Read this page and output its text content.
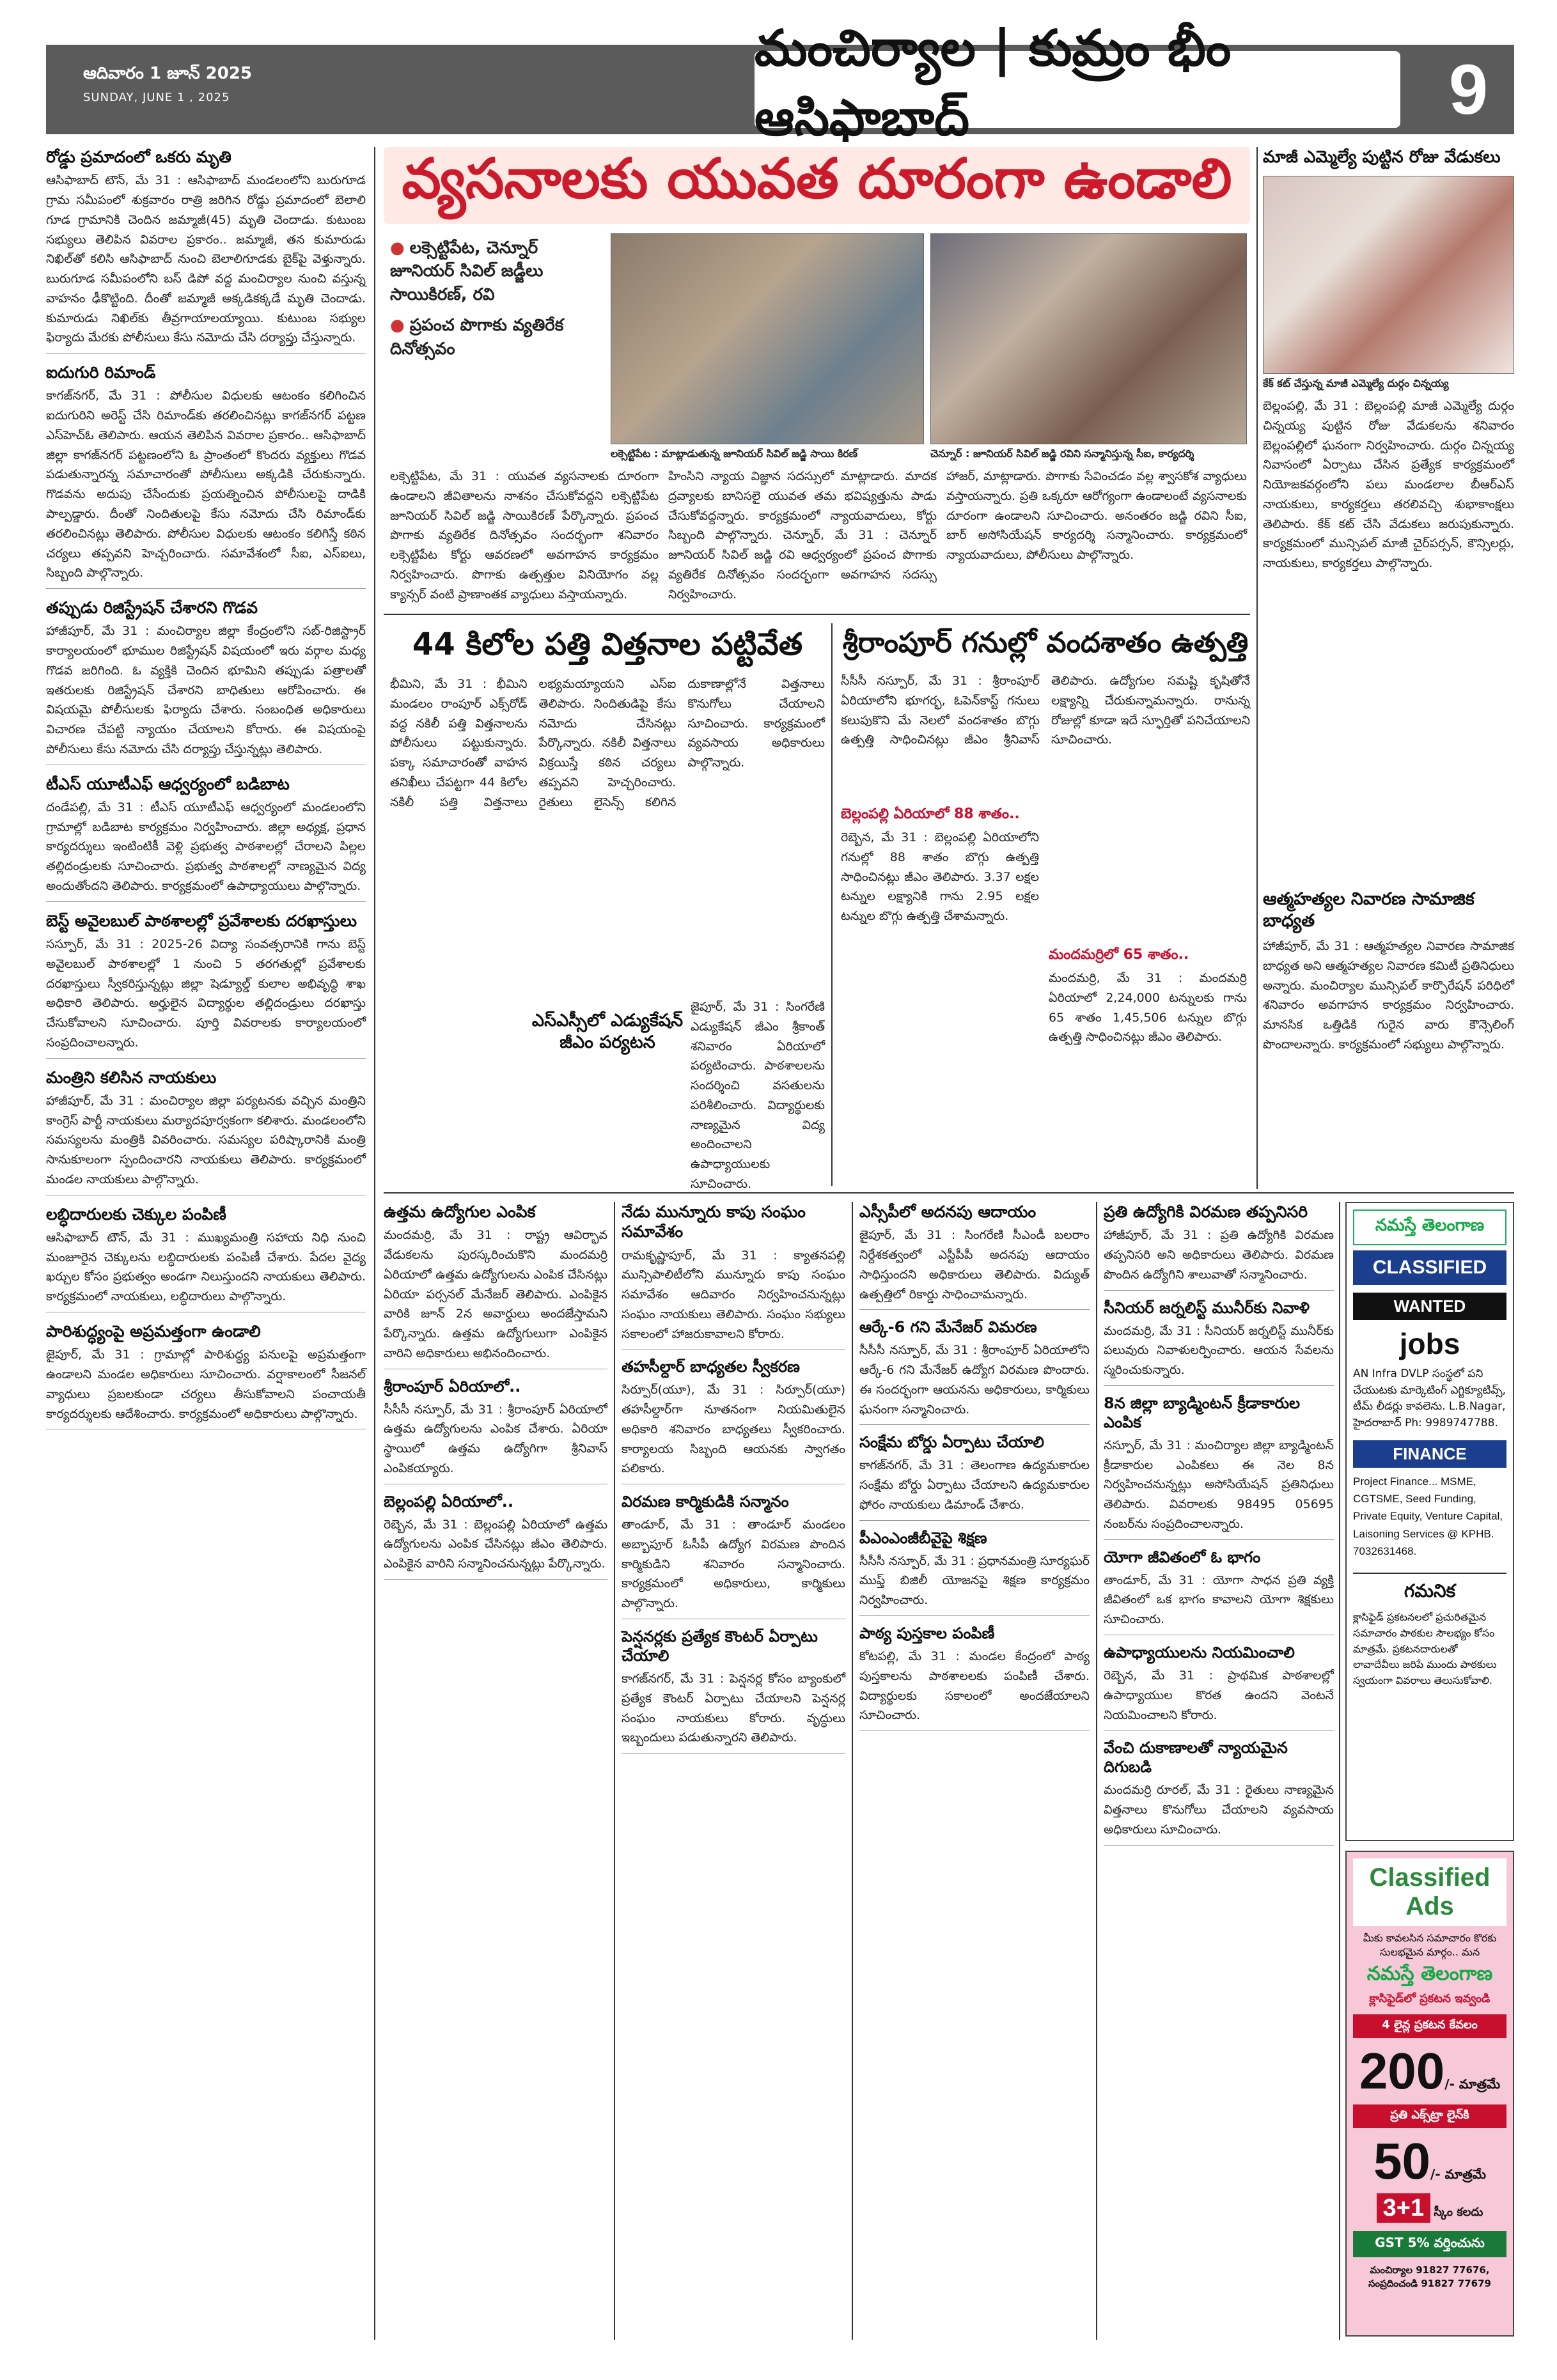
ఆదివారం 1 జూన్ 2025
SUNDAY, JUNE 1 , 2025
మంచిర్యాల | కుమ్రం భీం ఆసిఫాబాద్	9
రోడ్డు ప్రమాదంలో ఒకరు మృతి
ఆసిఫాబాద్ టౌన్, మే 31 : ఆసిఫాబాద్ మండలంలోని బురుగూడ గ్రామ సమీపంలో శుక్రవారం రాత్రి జరిగిన రోడ్డు ప్రమాదంలో బెలాలి గూడ గ్రామానికి చెందిన జమ్మాజీ(45) మృతి చెందాడు. కుటుంబ సభ్యులు తెలిపిన వివరాల ప్రకారం.. జమ్మాజీ, తన కుమారుడు నిఖిల్‌తో కలిసి ఆసిఫాబాద్ నుంచి బెలాలిగూడకు బైక్‌పై వెళ్తున్నారు. బురుగూడ సమీపంలోని బస్ డిపో వద్ద మంచిర్యాల నుంచి వస్తున్న వాహనం ఢీకొట్టింది. దీంతో జమ్మాజీ అక్కడికక్కడే మృతి చెందాడు. కుమారుడు నిఖిల్‌కు తీవ్రగాయాలయ్యాయి. కుటుంబ సభ్యుల ఫిర్యాదు మేరకు పోలీసులు కేసు నమోదు చేసి దర్యాప్తు చేస్తున్నారు.
ఐదుగురి రిమాండ్
కాగజ్‌నగర్, మే 31 : పోలీసుల విధులకు ఆటంకం కలిగించిన ఐదుగురిని అరెస్ట్ చేసి రిమాండ్‌కు తరలించినట్లు కాగజ్‌నగర్ పట్టణ ఎస్‌హెచ్‌ఓ తెలిపారు. ఆయన తెలిపిన వివరాల ప్రకారం.. ఆసిఫాబాద్ జిల్లా కాగజ్‌నగర్ పట్టణంలోని ఓ ప్రాంతంలో కొందరు వ్యక్తులు గొడవ పడుతున్నారన్న సమాచారంతో పోలీసులు అక్కడికి చేరుకున్నారు. గొడవను అదుపు చేసేందుకు ప్రయత్నించిన పోలీసులపై దాడికి పాల్పడ్డారు. దీంతో నిందితులపై కేసు నమోదు చేసి రిమాండ్‌కు తరలించినట్లు తెలిపారు. పోలీసుల విధులకు ఆటంకం కలిగిస్తే కఠిన చర్యలు తప్పవని హెచ్చరించారు. సమావేశంలో సీఐ, ఎస్‌ఐలు, సిబ్బంది పాల్గొన్నారు.
తప్పుడు రిజిస్ట్రేషన్ చేశారని గొడవ
హాజీపూర్, మే 31 : మంచిర్యాల జిల్లా కేంద్రంలోని సబ్-రిజిస్ట్రార్ కార్యాలయంలో భూముల రిజిస్ట్రేషన్ విషయంలో ఇరు వర్గాల మధ్య గొడవ జరిగింది. ఓ వ్యక్తికి చెందిన భూమిని తప్పుడు పత్రాలతో ఇతరులకు రిజిస్ట్రేషన్ చేశారని బాధితులు ఆరోపించారు. ఈ విషయమై పోలీసులకు ఫిర్యాదు చేశారు. సంబంధిత అధికారులు విచారణ చేపట్టి న్యాయం చేయాలని కోరారు. ఈ విషయంపై పోలీసులు కేసు నమోదు చేసి దర్యాప్తు చేస్తున్నట్లు తెలిపారు.
టీఎస్ యూటీఎఫ్ ఆధ్వర్యంలో బడిబాట
దండేపల్లి, మే 31 : టీఎస్ యూటీఎఫ్ ఆధ్వర్యంలో మండలంలోని గ్రామాల్లో బడిబాట కార్యక్రమం నిర్వహించారు. జిల్లా అధ్యక్ష, ప్రధాన కార్యదర్శులు ఇంటింటికీ వెళ్లి ప్రభుత్వ పాఠశాలల్లో చేరాలని పిల్లల తల్లిదండ్రులకు సూచించారు. ప్రభుత్వ పాఠశాలల్లో నాణ్యమైన విద్య అందుతోందని తెలిపారు. కార్యక్రమంలో ఉపాధ్యాయులు పాల్గొన్నారు.
బెస్ట్ అవైలబుల్ పాఠశాలల్లో ప్రవేశాలకు దరఖాస్తులు
సస్పూర్, మే 31 : 2025-26 విద్యా సంవత్సరానికి గాను బెస్ట్ అవైలబుల్ పాఠశాలల్లో 1 నుంచి 5 తరగతుల్లో ప్రవేశాలకు దరఖాస్తులు స్వీకరిస్తున్నట్లు జిల్లా షెడ్యూల్డ్ కులాల అభివృద్ధి శాఖ అధికారి తెలిపారు. అర్హులైన విద్యార్థుల తల్లిదండ్రులు దరఖాస్తు చేసుకోవాలని సూచించారు. పూర్తి వివరాలకు కార్యాలయంలో సంప్రదించాలన్నారు.
మంత్రిని కలిసిన నాయకులు
హాజీపూర్, మే 31 : మంచిర్యాల జిల్లా పర్యటనకు వచ్చిన మంత్రిని కాంగ్రెస్ పార్టీ నాయకులు మర్యాదపూర్వకంగా కలిశారు. మండలంలోని సమస్యలను మంత్రికి వివరించారు. సమస్యల పరిష్కారానికి మంత్రి సానుకూలంగా స్పందించారని నాయకులు తెలిపారు. కార్యక్రమంలో మండల నాయకులు పాల్గొన్నారు.
లబ్ధిదారులకు చెక్కుల పంపిణీ
ఆసిఫాబాద్ టౌన్, మే 31 : ముఖ్యమంత్రి సహాయ నిధి నుంచి మంజూరైన చెక్కులను లబ్ధిదారులకు పంపిణీ చేశారు. పేదల వైద్య ఖర్చుల కోసం ప్రభుత్వం అండగా నిలుస్తుందని నాయకులు తెలిపారు. కార్యక్రమంలో నాయకులు, లబ్ధిదారులు పాల్గొన్నారు.
పారిశుద్ధ్యంపై అప్రమత్తంగా ఉండాలి
జైపూర్, మే 31 : గ్రామాల్లో పారిశుద్ధ్య పనులపై అప్రమత్తంగా ఉండాలని మండల అధికారులు సూచించారు. వర్షాకాలంలో సీజనల్ వ్యాధులు ప్రబలకుండా చర్యలు తీసుకోవాలని పంచాయతీ కార్యదర్శులకు ఆదేశించారు. కార్యక్రమంలో అధికారులు పాల్గొన్నారు.
వ్యసనాలకు యువత దూరంగా ఉండాలి
● లక్సెట్టిపేట, చెన్నూర్ జూనియర్ సివిల్ జడ్జీలు సాయికిరణ్, రవి
● ప్రపంచ పొగాకు వ్యతిరేక దినోత్సవం
లక్సెట్టిపేట : మాట్లాడుతున్న జూనియర్ సివిల్ జడ్జి సాయి కిరణ్	చెన్నూర్ : జూనియర్ సివిల్ జడ్జి రవిని సన్మానిస్తున్న సీఐ, కార్యదర్శి
లక్సెట్టిపేట, మే 31 : యువత వ్యసనాలకు దూరంగా ఉండాలని జీవితాలను నాశనం చేసుకోవద్దని లక్సెట్టిపేట జూనియర్ సివిల్ జడ్జి సాయికిరణ్ పేర్కొన్నారు. ప్రపంచ పొగాకు వ్యతిరేక దినోత్సవం సందర్భంగా శనివారం లక్సెట్టిపేట కోర్టు ఆవరణలో అవగాహన కార్యక్రమం నిర్వహించారు. పొగాకు ఉత్పత్తుల వినియోగం వల్ల క్యాన్సర్ వంటి ప్రాణాంతక వ్యాధులు వస్తాయన్నారు.
హింసిని న్యాయ విజ్ఞాన సదస్సులో మాట్లాడారు. మాదక ద్రవ్యాలకు బానిసలై యువత తమ భవిష్యత్తును పాడు చేసుకోవద్దన్నారు. కార్యక్రమంలో న్యాయవాదులు, కోర్టు సిబ్బంది పాల్గొన్నారు. చెన్నూర్, మే 31 : చెన్నూర్ జూనియర్ సివిల్ జడ్జి రవి ఆధ్వర్యంలో ప్రపంచ పొగాకు వ్యతిరేక దినోత్సవం సందర్భంగా అవగాహన సదస్సు నిర్వహించారు.
హాజర్, మాట్లాడారు. పొగాకు సేవించడం వల్ల శ్వాసకోశ వ్యాధులు వస్తాయన్నారు. ప్రతి ఒక్కరూ ఆరోగ్యంగా ఉండాలంటే వ్యసనాలకు దూరంగా ఉండాలని సూచించారు. అనంతరం జడ్జి రవిని సీఐ, బార్ అసోసియేషన్ కార్యదర్శి సన్మానించారు. కార్యక్రమంలో న్యాయవాదులు, పోలీసులు పాల్గొన్నారు.
44 కిలోల పత్తి విత్తనాల పట్టివేత
భీమిని, మే 31 : భీమిని మండలం రాంపూర్ ఎక్స్‌రోడ్ వద్ద నకిలీ పత్తి విత్తనాలను పోలీసులు పట్టుకున్నారు. పక్కా సమాచారంతో వాహన తనిఖీలు చేపట్టగా 44 కిలోల నకిలీ పత్తి విత్తనాలు లభ్యమయ్యాయని ఎస్‌ఐ తెలిపారు. నిందితుడిపై కేసు నమోదు చేసినట్లు పేర్కొన్నారు. నకిలీ విత్తనాలు విక్రయిస్తే కఠిన చర్యలు తప్పవని హెచ్చరించారు. రైతులు లైసెన్స్ కలిగిన దుకాణాల్లోనే విత్తనాలు కొనుగోలు చేయాలని సూచించారు. కార్యక్రమంలో వ్యవసాయ అధికారులు పాల్గొన్నారు.
ఎస్ఎస్సీలో ఎడ్యుకేషన్ జీఎం పర్యటన
జైపూర్, మే 31 : సింగరేణి ఎడ్యుకేషన్ జీఎం శ్రీకాంత్ శనివారం ఏరియాలో పర్యటించారు. పాఠశాలలను సందర్శించి వసతులను పరిశీలించారు. విద్యార్థులకు నాణ్యమైన విద్య అందించాలని ఉపాధ్యాయులకు సూచించారు.
శ్రీరాంపూర్ గనుల్లో వందశాతం ఉత్పత్తి
సీసీసీ నస్పూర్, మే 31 : శ్రీరాంపూర్ ఏరియాలోని భూగర్భ, ఓపెన్‌కాస్ట్ గనులు కలుపుకొని మే నెలలో వందశాతం బొగ్గు ఉత్పత్తి సాధించినట్లు జీఎం శ్రీనివాస్ తెలిపారు. ఉద్యోగుల సమష్టి కృషితోనే లక్ష్యాన్ని చేరుకున్నామన్నారు. రానున్న రోజుల్లో కూడా ఇదే స్ఫూర్తితో పనిచేయాలని సూచించారు.
బెల్లంపల్లి ఏరియాలో 88 శాతం..
రెబ్బెన, మే 31 : బెల్లంపల్లి ఏరియాలోని గనుల్లో 88 శాతం బొగ్గు ఉత్పత్తి సాధించినట్లు జీఎం తెలిపారు. 3.37 లక్షల టన్నుల లక్ష్యానికి గాను 2.95 లక్షల టన్నుల బొగ్గు ఉత్పత్తి చేశామన్నారు.
మందమర్రిలో 65 శాతం..
మందమర్రి, మే 31 : మందమర్రి ఏరియాలో 2,24,000 టన్నులకు గాను 65 శాతం 1,45,506 టన్నుల బొగ్గు ఉత్పత్తి సాధించినట్లు జీఎం తెలిపారు.
మాజీ ఎమ్మెల్యే పుట్టిన రోజు వేడుకలు
కేక్ కట్ చేస్తున్న మాజీ ఎమ్మెల్యే దుర్గం చిన్నయ్య
బెల్లంపల్లి, మే 31 : బెల్లంపల్లి మాజీ ఎమ్మెల్యే దుర్గం చిన్నయ్య పుట్టిన రోజు వేడుకలను శనివారం బెల్లంపల్లిలో ఘనంగా నిర్వహించారు. దుర్గం చిన్నయ్య నివాసంలో ఏర్పాటు చేసిన ప్రత్యేక కార్యక్రమంలో నియోజకవర్గంలోని పలు మండలాల బీఆర్ఎస్ నాయకులు, కార్యకర్తలు తరలివచ్చి శుభాకాంక్షలు తెలిపారు. కేక్ కట్ చేసి వేడుకలు జరుపుకున్నారు. కార్యక్రమంలో మున్సిపల్ మాజీ చైర్‌పర్సన్, కౌన్సిలర్లు, నాయకులు, కార్యకర్తలు పాల్గొన్నారు.
ఆత్మహత్యల నివారణ సామాజిక బాధ్యత
హాజీపూర్, మే 31 : ఆత్మహత్యల నివారణ సామాజిక బాధ్యత అని ఆత్మహత్యల నివారణ కమిటీ ప్రతినిధులు అన్నారు. మంచిర్యాల మున్సిపల్ కార్పొరేషన్ పరిధిలో శనివారం అవగాహన కార్యక్రమం నిర్వహించారు. మానసిక ఒత్తిడికి గురైన వారు కౌన్సెలింగ్ పొందాలన్నారు. కార్యక్రమంలో సభ్యులు పాల్గొన్నారు.
ఉత్తమ ఉద్యోగుల ఎంపిక
మందమర్రి, మే 31 : రాష్ట్ర ఆవిర్భావ వేడుకలను పురస్కరించుకొని మందమర్రి ఏరియాలో ఉత్తమ ఉద్యోగులను ఎంపిక చేసినట్లు ఏరియా పర్సనల్ మేనేజర్ తెలిపారు. ఎంపికైన వారికి జూన్ 2న అవార్డులు అందజేస్తామని పేర్కొన్నారు. ఉత్తమ ఉద్యోగులుగా ఎంపికైన వారిని అధికారులు అభినందించారు.
శ్రీరాంపూర్ ఏరియాలో..
సీసీసీ నస్పూర్, మే 31 : శ్రీరాంపూర్ ఏరియాలో ఉత్తమ ఉద్యోగులను ఎంపిక చేశారు. ఏరియా స్థాయిలో ఉత్తమ ఉద్యోగిగా శ్రీనివాస్ ఎంపికయ్యారు.
బెల్లంపల్లి ఏరియాలో..
రెబ్బెన, మే 31 : బెల్లంపల్లి ఏరియాలో ఉత్తమ ఉద్యోగులను ఎంపిక చేసినట్లు జీఎం తెలిపారు. ఎంపికైన వారిని సన్మానించనున్నట్లు పేర్కొన్నారు.
నేడు మున్నూరు కాపు సంఘం సమావేశం
రామకృష్ణాపూర్, మే 31 : క్యాతనపల్లి మున్సిపాలిటీలోని మున్నూరు కాపు సంఘం సమావేశం ఆదివారం నిర్వహించనున్నట్లు సంఘం నాయకులు తెలిపారు. సంఘం సభ్యులు సకాలంలో హాజరుకావాలని కోరారు.
తహసీల్దార్ బాధ్యతల స్వీకరణ
సిర్పూర్(యూ), మే 31 : సిర్పూర్(యూ) తహసీల్దార్‌గా నూతనంగా నియమితులైన అధికారి శనివారం బాధ్యతలు స్వీకరించారు. కార్యాలయ సిబ్బంది ఆయనకు స్వాగతం పలికారు.
విరమణ కార్మికుడికి సన్మానం
తాండూర్, మే 31 : తాండూర్ మండలం అబ్బాపూర్ ఓసీపీ ఉద్యోగ విరమణ పొందిన కార్మికుడిని శనివారం సన్మానించారు. కార్యక్రమంలో అధికారులు, కార్మికులు పాల్గొన్నారు.
పెన్షనర్లకు ప్రత్యేక కౌంటర్ ఏర్పాటు చేయాలి
కాగజ్‌నగర్, మే 31 : పెన్షనర్ల కోసం బ్యాంకులో ప్రత్యేక కౌంటర్ ఏర్పాటు చేయాలని పెన్షనర్ల సంఘం నాయకులు కోరారు. వృద్ధులు ఇబ్బందులు పడుతున్నారని తెలిపారు.
ఎస్సీపీలో అదనపు ఆదాయం
జైపూర్, మే 31 : సింగరేణి సీఎండీ బలరాం నిర్దేశకత్వంలో ఎస్టీపీపీ అదనపు ఆదాయం సాధిస్తుందని అధికారులు తెలిపారు. విద్యుత్ ఉత్పత్తిలో రికార్డు సాధించామన్నారు.
ఆర్కే-6 గని మేనేజర్ విమరణ
సీసీసీ నస్పూర్, మే 31 : శ్రీరాంపూర్ ఏరియాలోని ఆర్కే-6 గని మేనేజర్ ఉద్యోగ విరమణ పొందారు. ఈ సందర్భంగా ఆయనను అధికారులు, కార్మికులు ఘనంగా సన్మానించారు.
సంక్షేమ బోర్డు ఏర్పాటు చేయాలి
కాగజ్‌నగర్, మే 31 : తెలంగాణ ఉద్యమకారుల సంక్షేమ బోర్డు ఏర్పాటు చేయాలని ఉద్యమకారుల ఫోరం నాయకులు డిమాండ్ చేశారు.
పీఎంఎంజీబీవైపై శిక్షణ
సీసీసీ నస్పూర్, మే 31 : ప్రధానమంత్రి సూర్యఘర్ ముఫ్త్ బిజిలీ యోజనపై శిక్షణ కార్యక్రమం నిర్వహించారు.
పాఠ్య పుస్తకాల పంపిణీ
కోటపల్లి, మే 31 : మండల కేంద్రంలో పాఠ్య పుస్తకాలను పాఠశాలలకు పంపిణీ చేశారు. విద్యార్థులకు సకాలంలో అందజేయాలని సూచించారు.
ప్రతి ఉద్యోగికి విరమణ తప్పనిసరి
హాజీపూర్, మే 31 : ప్రతి ఉద్యోగికి విరమణ తప్పనిసరి అని అధికారులు తెలిపారు. విరమణ పొందిన ఉద్యోగిని శాలువాతో సన్మానించారు.
సీనియర్ జర్నలిస్ట్ మునీర్‌కు నివాళి
మందమర్రి, మే 31 : సీనియర్ జర్నలిస్ట్ మునీర్‌కు పలువురు నివాళులర్పించారు. ఆయన సేవలను స్మరించుకున్నారు.
8న జిల్లా బ్యాడ్మింటన్ క్రీడాకారుల ఎంపిక
నస్పూర్, మే 31 : మంచిర్యాల జిల్లా బ్యాడ్మింటన్ క్రీడాకారుల ఎంపికలు ఈ నెల 8న నిర్వహించనున్నట్లు అసోసియేషన్ ప్రతినిధులు తెలిపారు. వివరాలకు 98495 05695 నంబర్‌ను సంప్రదించాలన్నారు.
యోగా జీవితంలో ఓ భాగం
తాండూర్, మే 31 : యోగా సాధన ప్రతి వ్యక్తి జీవితంలో ఒక భాగం కావాలని యోగా శిక్షకులు సూచించారు.
ఉపాధ్యాయులను నియమించాలి
రెబ్బెన, మే 31 : ప్రాథమిక పాఠశాలల్లో ఉపాధ్యాయుల కొరత ఉందని వెంటనే నియమించాలని కోరారు.
వేంచి దుకాణాలతో న్యాయమైన దిగుబడి
మందమర్రి రూరల్, మే 31 : రైతులు నాణ్యమైన విత్తనాలు కొనుగోలు చేయాలని వ్యవసాయ అధికారులు సూచించారు.
నమస్తే తెలంగాణ
CLASSIFIED
WANTED
jobs
AN Infra DVLP సంస్థలో పని చేయుటకు మార్కెటింగ్ ఎగ్జిక్యూటివ్స్, టీమ్ లీడర్లు కావలెను. L.B.Nagar, హైదరాబాద్ Ph: 9989747788.
FINANCE
Project Finance... MSME, CGTSME, Seed Funding, Private Equity, Venture Capital, Laisoning Services @ KPHB. 7032631468.
గమనిక
క్లాసిఫైడ్ ప్రకటనలలో ప్రచురితమైన సమాచారం పాఠకుల సౌలభ్యం కోసం మాత్రమే. ప్రకటనదారులతో లావాదేవీలు జరిపే ముందు పాఠకులు స్వయంగా వివరాలు తెలుసుకోవాలి.
Classified Ads
మీకు కావలసిన సమాచారం కొరకు సులభమైన మార్గం.. మన
నమస్తే తెలంగాణ
క్లాసిఫైడ్‌లో ప్రకటన ఇవ్వండి
4 లైన్ల ప్రకటన కేవలం
200/- మాత్రమే
ప్రతి ఎక్స్‌ట్రా లైన్‌కి
50/- మాత్రమే
3+1 స్కీం కలదు
GST 5% వర్తించును
మంచిర్యాల 91827 77676, సంప్రదించండి 91827 77679
